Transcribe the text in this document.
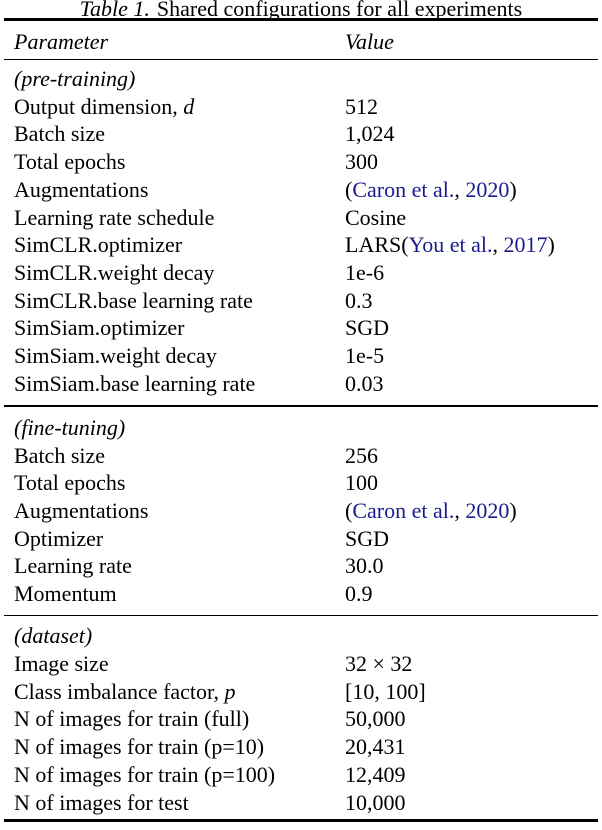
Table 1. Shared configurations for all experiments
Parameter	Value
(pre-training)
Output dimension, d	512
Batch size	1,024
Total epochs	300
Augmentations	(Caron et al., 2020)
Learning rate schedule	Cosine
SimCLR.optimizer	LARS(You et al., 2017)
SimCLR.weight decay	1e-6
SimCLR.base learning rate	0.3
SimSiam.optimizer	SGD
SimSiam.weight decay	1e-5
SimSiam.base learning rate	0.03
(fine-tuning)
Batch size	256
Total epochs	100
Augmentations	(Caron et al., 2020)
Optimizer	SGD
Learning rate	30.0
Momentum	0.9
(dataset)
Image size	32 × 32
Class imbalance factor, p	[10, 100]
N of images for train (full)	50,000
N of images for train (p=10)	20,431
N of images for train (p=100)	12,409
N of images for test	10,000
